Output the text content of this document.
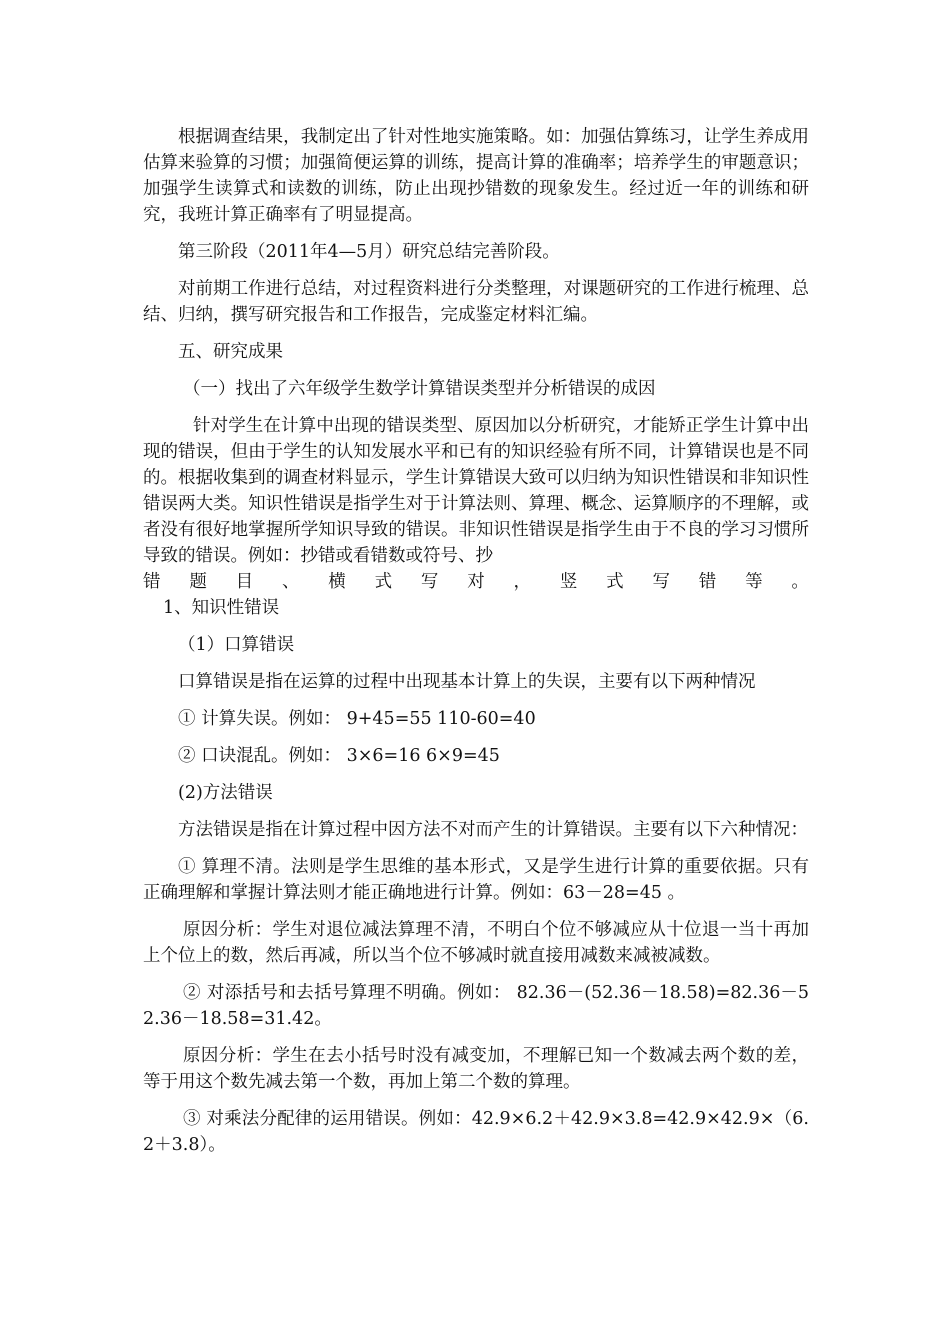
根据调查结果，我制定出了针对性地实施策略。如：加强估算练习，让学生养成用估算来验算的习惯；加强简便运算的训练，提高计算的准确率；培养学生的审题意识；加强学生读算式和读数的训练，防止出现抄错数的现象发生。经过近一年的训练和研究，我班计算正确率有了明显提高。

第三阶段（2011年4—5月）研究总结完善阶段。

对前期工作进行总结，对过程资料进行分类整理，对课题研究的工作进行梳理、总结、归纳，撰写研究报告和工作报告，完成鉴定材料汇编。

五、研究成果

（一）找出了六年级学生数学计算错误类型并分析错误的成因

针对学生在计算中出现的错误类型、原因加以分析研究，才能矫正学生计算中出现的错误，但由于学生的认知发展水平和已有的知识经验有所不同，计算错误也是不同的。根据收集到的调查材料显示，学生计算错误大致可以归纳为知识性错误和非知识性错误两大类。知识性错误是指学生对于计算法则、算理、概念、运算顺序的不理解，或者没有很好地掌握所学知识导致的错误。非知识性错误是指学生由于不良的学习习惯所导致的错误。例如：抄错或看错数或符号、抄

错 题 目 、 横 式 写 对 ， 竖 式 写 错 等 。

1、知识性错误

（1）口算错误

口算错误是指在运算的过程中出现基本计算上的失误，主要有以下两种情况

① 计算失误。例如： 9+45=55 110-60=40

② 口诀混乱。例如： 3×6=16 6×9=45

(2)方法错误

方法错误是指在计算过程中因方法不对而产生的计算错误。主要有以下六种情况：

① 算理不清。法则是学生思维的基本形式，又是学生进行计算的重要依据。只有正确理解和掌握计算法则才能正确地进行计算。例如：63－28=45 。

原因分析：学生对退位减法算理不清，不明白个位不够减应从十位退一当十再加上个位上的数，然后再减，所以当个位不够减时就直接用减数来减被减数。

② 对添括号和去括号算理不明确。例如： 82.36－(52.36－18.58)=82.36－52.36－18.58=31.42。

原因分析：学生在去小括号时没有减变加，不理解已知一个数减去两个数的差，等于用这个数先减去第一个数，再加上第二个数的算理。

③ 对乘法分配律的运用错误。例如：42.9×6.2＋42.9×3.8=42.9×42.9×（6.2＋3.8）。
